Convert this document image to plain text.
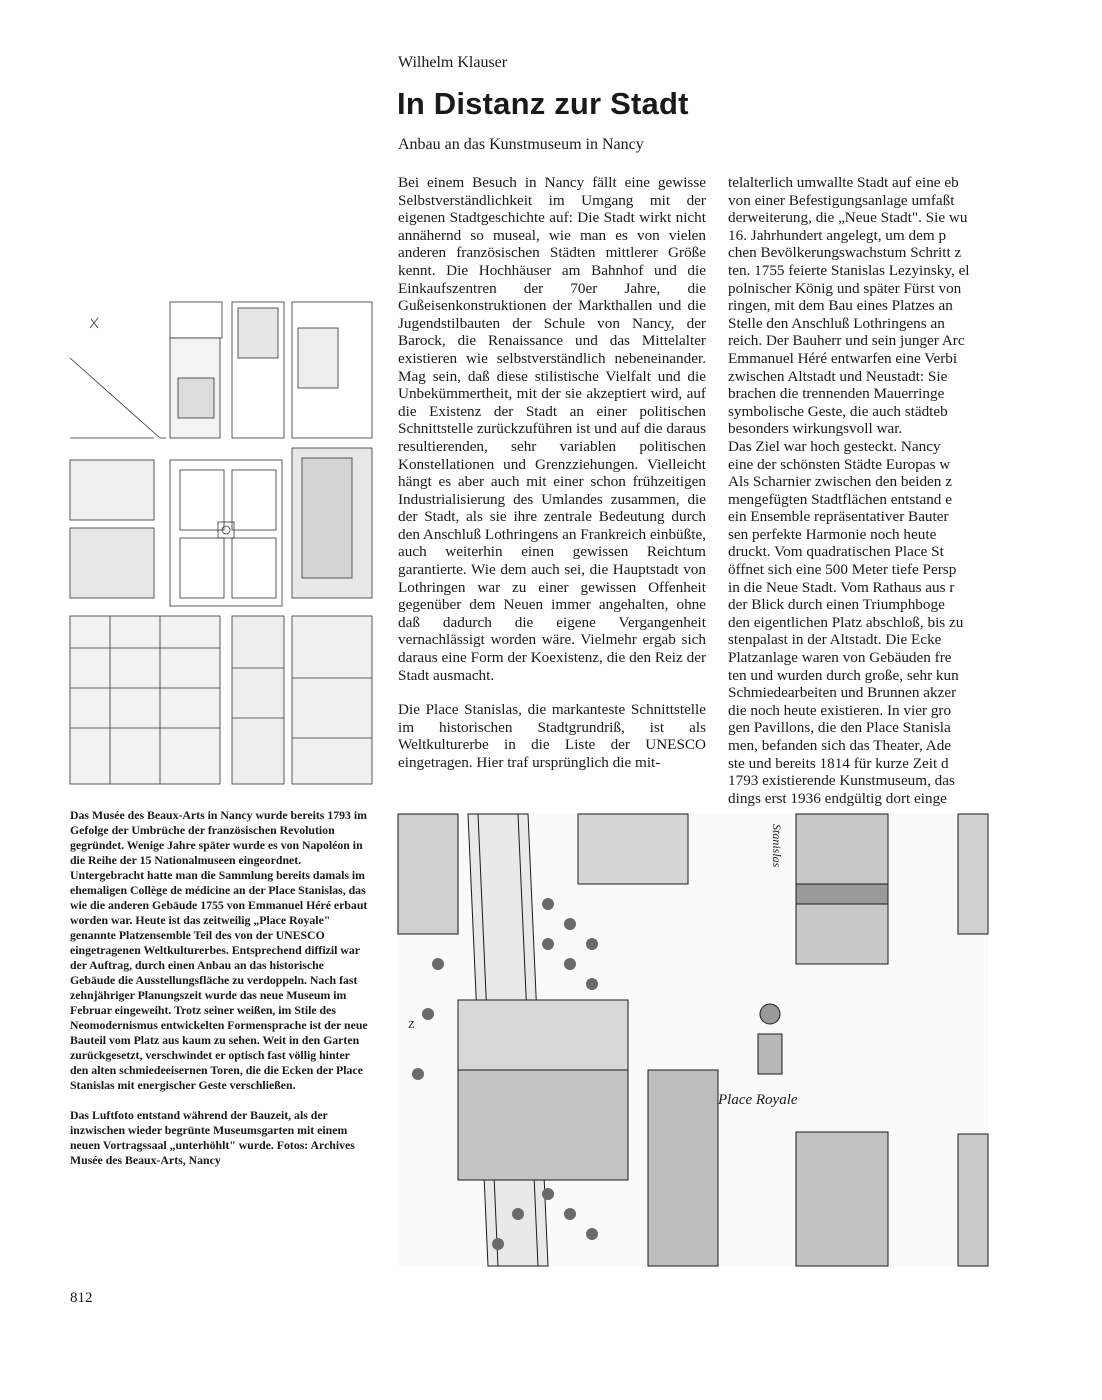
Wilhelm Klauser
In Distanz zur Stadt
Anbau an das Kunstmuseum in Nancy

Bei einem Besuch in Nancy fällt eine gewisse Selbstverständlichkeit im Umgang mit der eigenen Stadtgeschichte auf: Die Stadt wirkt nicht annähernd so museal, wie man es von vielen anderen französischen Städten mittlerer Größe kennt. Die Hochhäuser am Bahnhof und die Einkaufszentren der 70er Jahre, die Gußeisenkonstruktionen der Markthallen und die Jugendstilbauten der Schule von Nancy, der Barock, die Renaissance und das Mittelalter existieren wie selbstverständlich nebeneinander. Mag sein, daß diese stilistische Vielfalt und die Unbekümmertheit, mit der sie akzeptiert wird, auf die Existenz der Stadt an einer politischen Schnittstelle zurückzuführen ist und auf die daraus resultierenden, sehr variablen politischen Konstellationen und Grenzziehungen. Vielleicht hängt es aber auch mit einer schon frühzeitigen Industrialisierung des Umlandes zusammen, die der Stadt, als sie ihre zentrale Bedeutung durch den Anschluß Lothringens an Frankreich einbüßte, auch weiterhin einen gewissen Reichtum garantierte. Wie dem auch sei, die Hauptstadt von Lothringen war zu einer gewissen Offenheit gegenüber dem Neuen immer angehalten, ohne daß dadurch die eigene Vergangenheit vernachlässigt worden wäre. Vielmehr ergab sich daraus eine Form der Koexistenz, die den Reiz der Stadt ausmacht.

Die Place Stanislas, die markanteste Schnittstelle im historischen Stadtgrundriß, ist als Weltkulturerbe in die Liste der UNESCO eingetragen. Hier traf ursprünglich die mit-

telalterlich umwallte Stadt auf eine eb
von einer Befestigungsanlage umfaßt
derweiterung, die „Neue Stadt". Sie wu
16. Jahrhundert angelegt, um dem p
chen Bevölkerungswachstum Schritt z
ten. 1755 feierte Stanislas Lezyinsky, el
polnischer König und später Fürst von
ringen, mit dem Bau eines Platzes an
Stelle den Anschluß Lothringens an
reich. Der Bauherr und sein junger Arc
Emmanuel Héré entwarfen eine Verbi
zwischen Altstadt und Neustadt: Sie
brachen die trennenden Mauerringe
symbolische Geste, die auch städteb
besonders wirkungsvoll war.
Das Ziel war hoch gesteckt. Nancy
eine der schönsten Städte Europas w
Als Scharnier zwischen den beiden z
mengefügten Stadtflächen entstand e
ein Ensemble repräsentativer Bauter
sen perfekte Harmonie noch heute
druckt. Vom quadratischen Place St
öffnet sich eine 500 Meter tiefe Persp
in die Neue Stadt. Vom Rathaus aus r
der Blick durch einen Triumphboge
den eigentlichen Platz abschloß, bis zu
stenpalast in der Altstadt. Die Ecke
Platzanlage waren von Gebäuden fre
ten und wurden durch große, sehr kun
Schmiedearbeiten und Brunnen akzer
die noch heute existieren. In vier gro
gen Pavillons, die den Place Stanisla
men, befanden sich das Theater, Ade
ste und bereits 1814 für kurze Zeit d
1793 existierende Kunstmuseum, das
dings erst 1936 endgültig dort einge
Place Royale
Stanislas
Z

Das Musée des Beaux-Arts in Nancy wurde bereits 1793 im Gefolge der Umbrüche der französischen Revolution gegründet. Wenige Jahre später wurde es von Napoléon in die Reihe der 15 Nationalmuseen eingeordnet. Untergebracht hatte man die Sammlung bereits damals im ehemaligen Collège de médicine an der Place Stanislas, das wie die anderen Gebäude 1755 von Emmanuel Héré erbaut worden war. Heute ist das zeitweilig „Place Royale" genannte Platzensemble Teil des von der UNESCO eingetragenen Weltkulturerbes. Entsprechend diffizil war der Auftrag, durch einen Anbau an das historische Gebäude die Ausstellungsfläche zu verdoppeln. Nach fast zehnjähriger Planungszeit wurde das neue Museum im Februar eingeweiht. Trotz seiner weißen, im Stile des Neomodernismus entwickelten Formensprache ist der neue Bauteil vom Platz aus kaum zu sehen. Weit in den Garten zurückgesetzt, verschwindet er optisch fast völlig hinter den alten schmiedeeisernen Toren, die die Ecken der Place Stanislas mit energischer Geste verschließen.

Das Luftfoto entstand während der Bauzeit, als der inzwischen wieder begrünte Museumsgarten mit einem neuen Vortragssaal „unterhöhlt" wurde. Fotos: Archives Musée des Beaux-Arts, Nancy

812
